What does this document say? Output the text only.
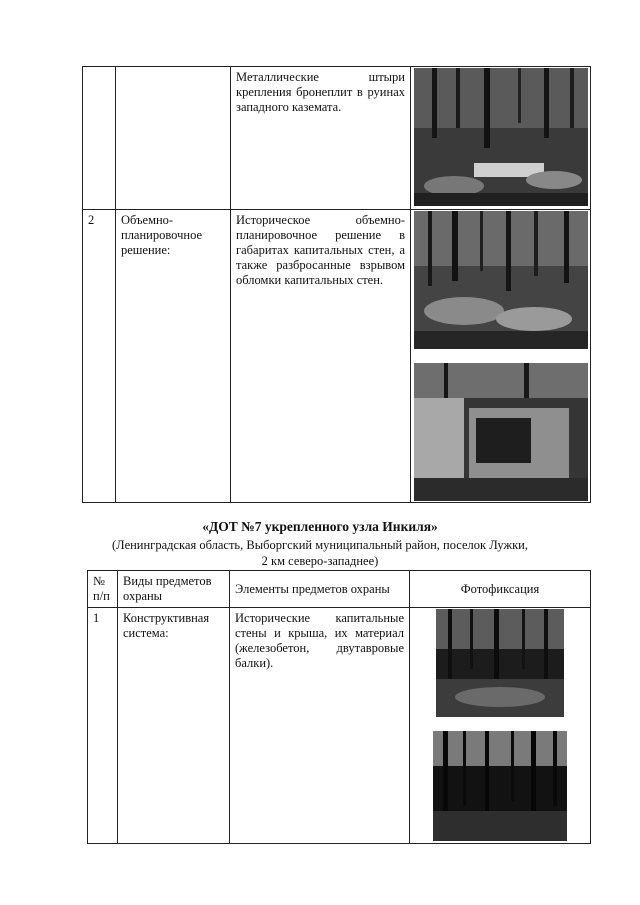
		Металлические штыри крепления бронеплит в руинах западного каземата.	

2	Объемно-планировочное решение:	Историческое объемно-планировочное решение в габаритах капитальных стен, а также разбросанные взрывом обломки капитальных стен.	
«ДОТ №7 укрепленного узла Инкиля»
(Ленинградская область, Выборгский муниципальный район, поселок Лужки,
2 км северо-западнее)
№ п/п	Виды предметов охраны	Элементы предметов охраны	Фотофиксация
1	Конструктивная система:	Исторические капитальные стены и крыша, их материал (железобетон, двутавровые балки).	
